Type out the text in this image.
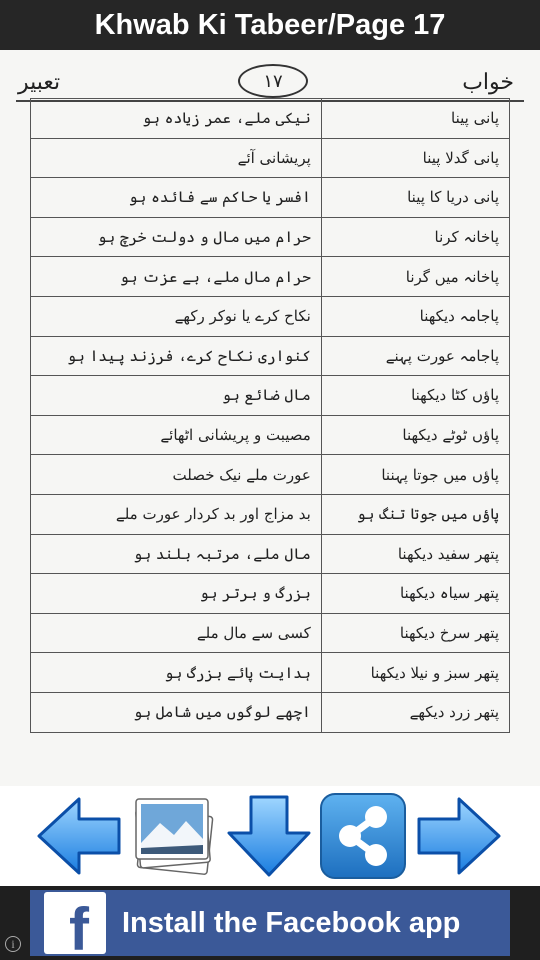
Khwab Ki Tabeer/Page 17
تعبیر	١٧	خواب
نیکی ملے، عمر زیادہ ہو	پانی پینا
پریشانی آئے	پانی گدلا پینا
افسر یا حاکم سے فائدہ ہو	پانی دریا کا پینا
حرام میں مال و دولت خرچ ہو	پاخانہ کرنا
حرام مال ملے، بے عزت ہو	پاخانہ میں گرنا
نکاح کرے یا نوکر رکھے	پاجامہ دیکھنا
کنواری نکاح کرے، فرزند پیدا ہو	پاجامہ عورت پہنے
مال ضائع ہو	پاؤں کٹا دیکھنا
مصیبت و پریشانی اٹھائے	پاؤں ٹوٹے دیکھنا
عورت ملے نیک خصلت	پاؤں میں جوتا پہننا
بد مزاج اور بد کردار عورت ملے	پاؤں میں جوتا تنگ ہو
مال ملے، مرتبہ بلند ہو	پتھر سفید دیکھنا
بزرگ و برتر ہو	پتھر سیاہ دیکھنا
کسی سے مال ملے	پتھر سرخ دیکھنا
ہدایت پائے بزرگ ہو	پتھر سبز و نیلا دیکھنا
اچھے لوگوں میں شامل ہو	پتھر زرد دیکھے
f Install the Facebook app
i
